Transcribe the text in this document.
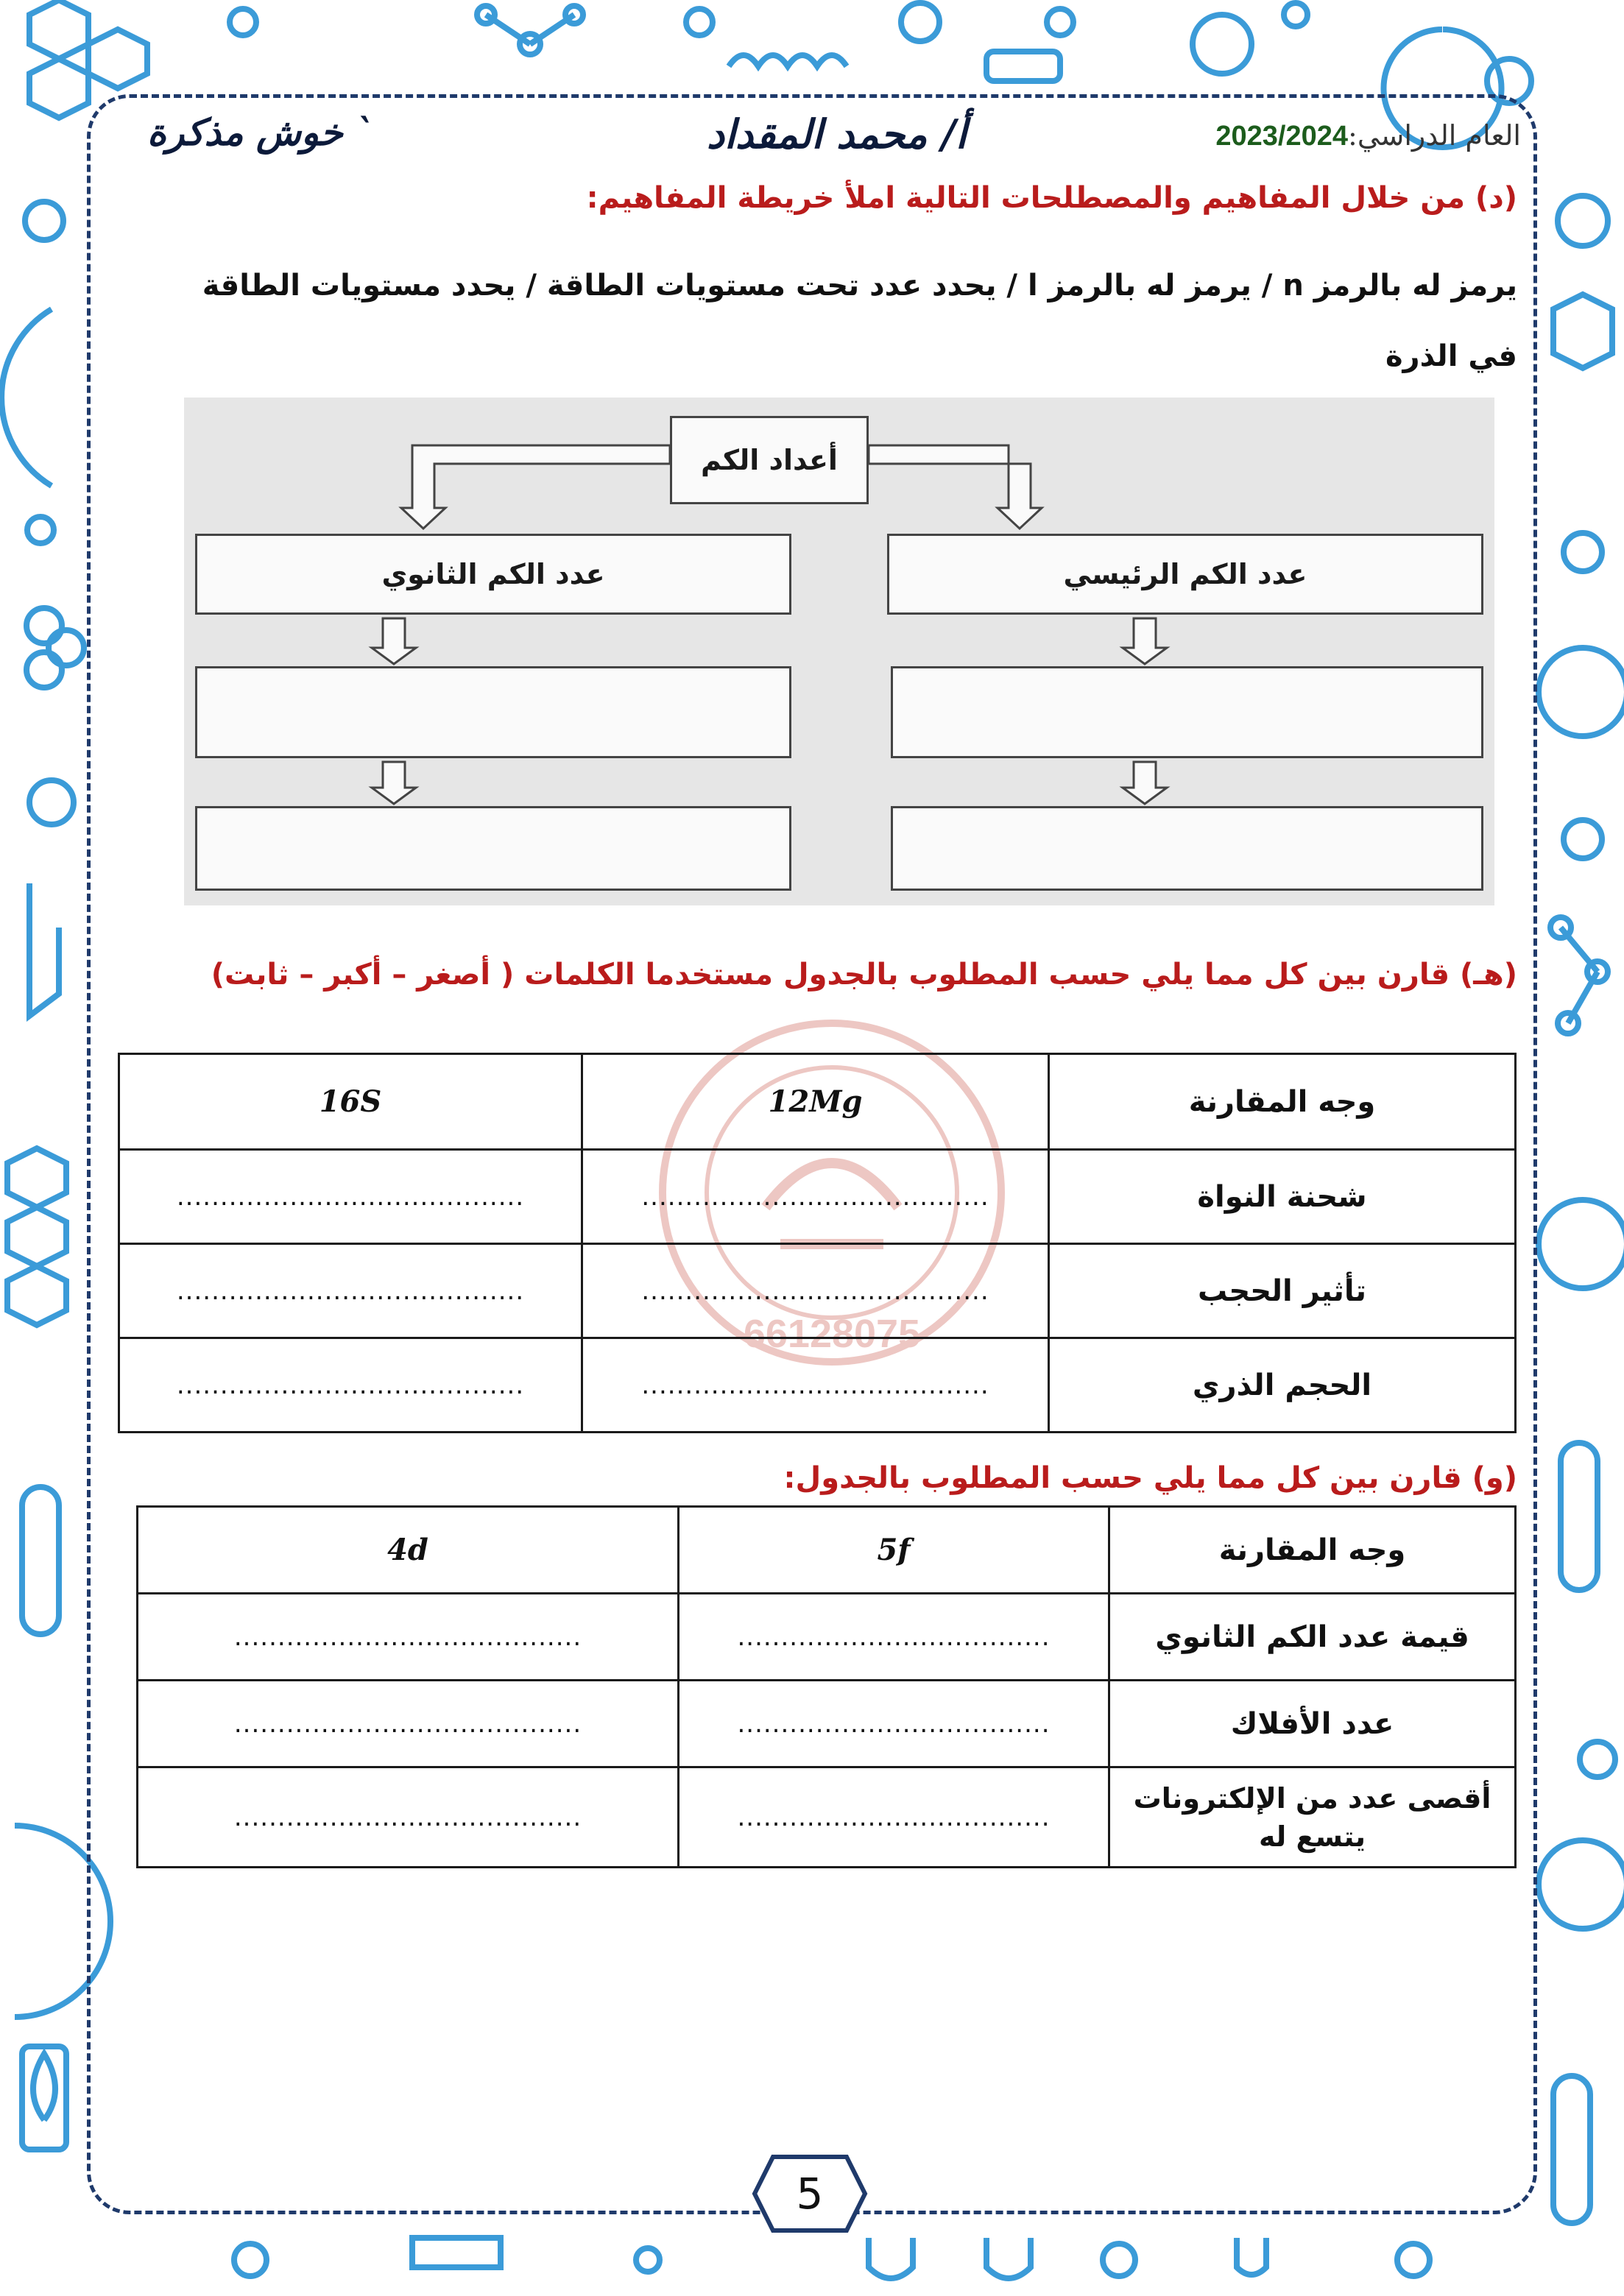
خوش مذكرة `	أ/ محمد المقداد	العام الدراسي:2023/2024
(د) من خلال المفاهيم والمصطلحات التالية املأ خريطة المفاهيم:
يرمز له بالرمز n / يرمز له بالرمز l / يحدد عدد تحت مستويات الطاقة / يحدد مستويات الطاقة في الذرة
أعداد الكم
عدد الكم الرئيسي
عدد الكم الثانوي
(هـ) قارن بين كل مما يلي حسب المطلوب بالجدول مستخدما الكلمات ( أصغر – أكبر – ثابت)
66128075
وجه المقارنة	12Mg	16S
شحنة النواة	........................................	........................................
تأثير الحجب	........................................	........................................
الحجم الذري	........................................	........................................
(و) قارن بين كل مما يلي حسب المطلوب بالجدول:
وجه المقارنة	5f	4d
قيمة عدد الكم الثانوي	....................................	........................................
عدد الأفلاك	....................................	........................................
أقصى عدد من الإلكترونات يتسع له	....................................	........................................
5
